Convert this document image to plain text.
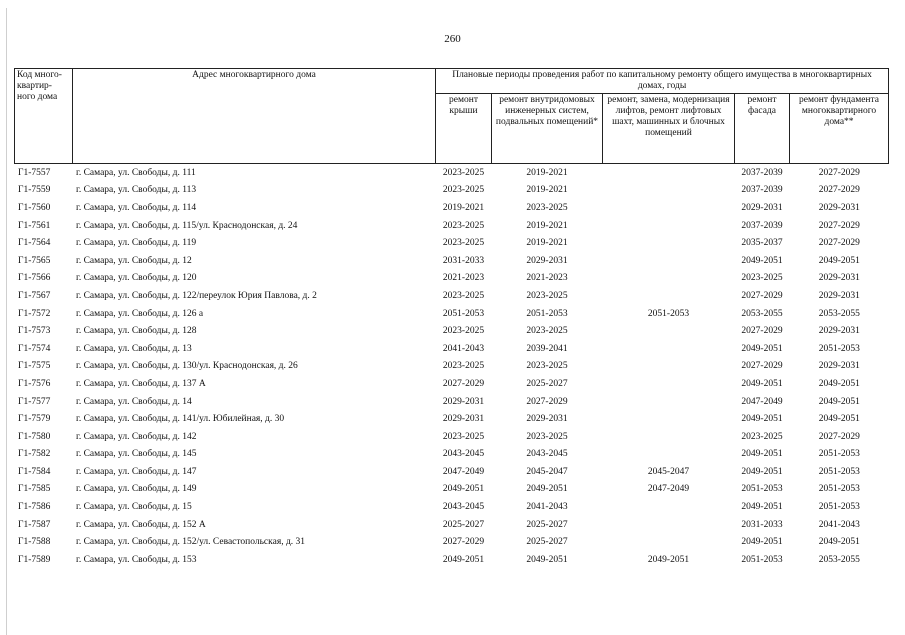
260
Код много-квартир-ного дома	Адрес многоквартирного дома	Плановые периоды проведения работ по капитальному ремонту общего имущества в многоквартирных домах, годы				
		ремонт крыши	ремонт внутридомовых инженерных систем, подвальных помещений*	ремонт, замена, модернизация лифтов, ремонт лифтовых шахт, машинных и блочных помещений	ремонт фасада	ремонт фундамента многоквартирного дома**
Г1-7557	г. Самара, ул. Свободы, д. 111	2023-2025	2019-2021		2037-2039	2027-2029
Г1-7559	г. Самара, ул. Свободы, д. 113	2023-2025	2019-2021		2037-2039	2027-2029
Г1-7560	г. Самара, ул. Свободы, д. 114	2019-2021	2023-2025		2029-2031	2029-2031
Г1-7561	г. Самара, ул. Свободы, д. 115/ул. Краснодонская, д. 24	2023-2025	2019-2021		2037-2039	2027-2029
Г1-7564	г. Самара, ул. Свободы, д. 119	2023-2025	2019-2021		2035-2037	2027-2029
Г1-7565	г. Самара, ул. Свободы, д. 12	2031-2033	2029-2031		2049-2051	2049-2051
Г1-7566	г. Самара, ул. Свободы, д. 120	2021-2023	2021-2023		2023-2025	2029-2031
Г1-7567	г. Самара, ул. Свободы, д. 122/переулок Юрия Павлова, д. 2	2023-2025	2023-2025		2027-2029	2029-2031
Г1-7572	г. Самара, ул. Свободы, д. 126 а	2051-2053	2051-2053	2051-2053	2053-2055	2053-2055
Г1-7573	г. Самара, ул. Свободы, д. 128	2023-2025	2023-2025		2027-2029	2029-2031
Г1-7574	г. Самара, ул. Свободы, д. 13	2041-2043	2039-2041		2049-2051	2051-2053
Г1-7575	г. Самара, ул. Свободы, д. 130/ул. Краснодонская, д. 26	2023-2025	2023-2025		2027-2029	2029-2031
Г1-7576	г. Самара, ул. Свободы, д. 137 А	2027-2029	2025-2027		2049-2051	2049-2051
Г1-7577	г. Самара, ул. Свободы, д. 14	2029-2031	2027-2029		2047-2049	2049-2051
Г1-7579	г. Самара, ул. Свободы, д. 141/ул. Юбилейная, д. 30	2029-2031	2029-2031		2049-2051	2049-2051
Г1-7580	г. Самара, ул. Свободы, д. 142	2023-2025	2023-2025		2023-2025	2027-2029
Г1-7582	г. Самара, ул. Свободы, д. 145	2043-2045	2043-2045		2049-2051	2051-2053
Г1-7584	г. Самара, ул. Свободы, д. 147	2047-2049	2045-2047	2045-2047	2049-2051	2051-2053
Г1-7585	г. Самара, ул. Свободы, д. 149	2049-2051	2049-2051	2047-2049	2051-2053	2051-2053
Г1-7586	г. Самара, ул. Свободы, д. 15	2043-2045	2041-2043		2049-2051	2051-2053
Г1-7587	г. Самара, ул. Свободы, д. 152 А	2025-2027	2025-2027		2031-2033	2041-2043
Г1-7588	г. Самара, ул. Свободы, д. 152/ул. Севастопольская, д. 31	2027-2029	2025-2027		2049-2051	2049-2051
Г1-7589	г. Самара, ул. Свободы, д. 153	2049-2051	2049-2051	2049-2051	2051-2053	2053-2055
